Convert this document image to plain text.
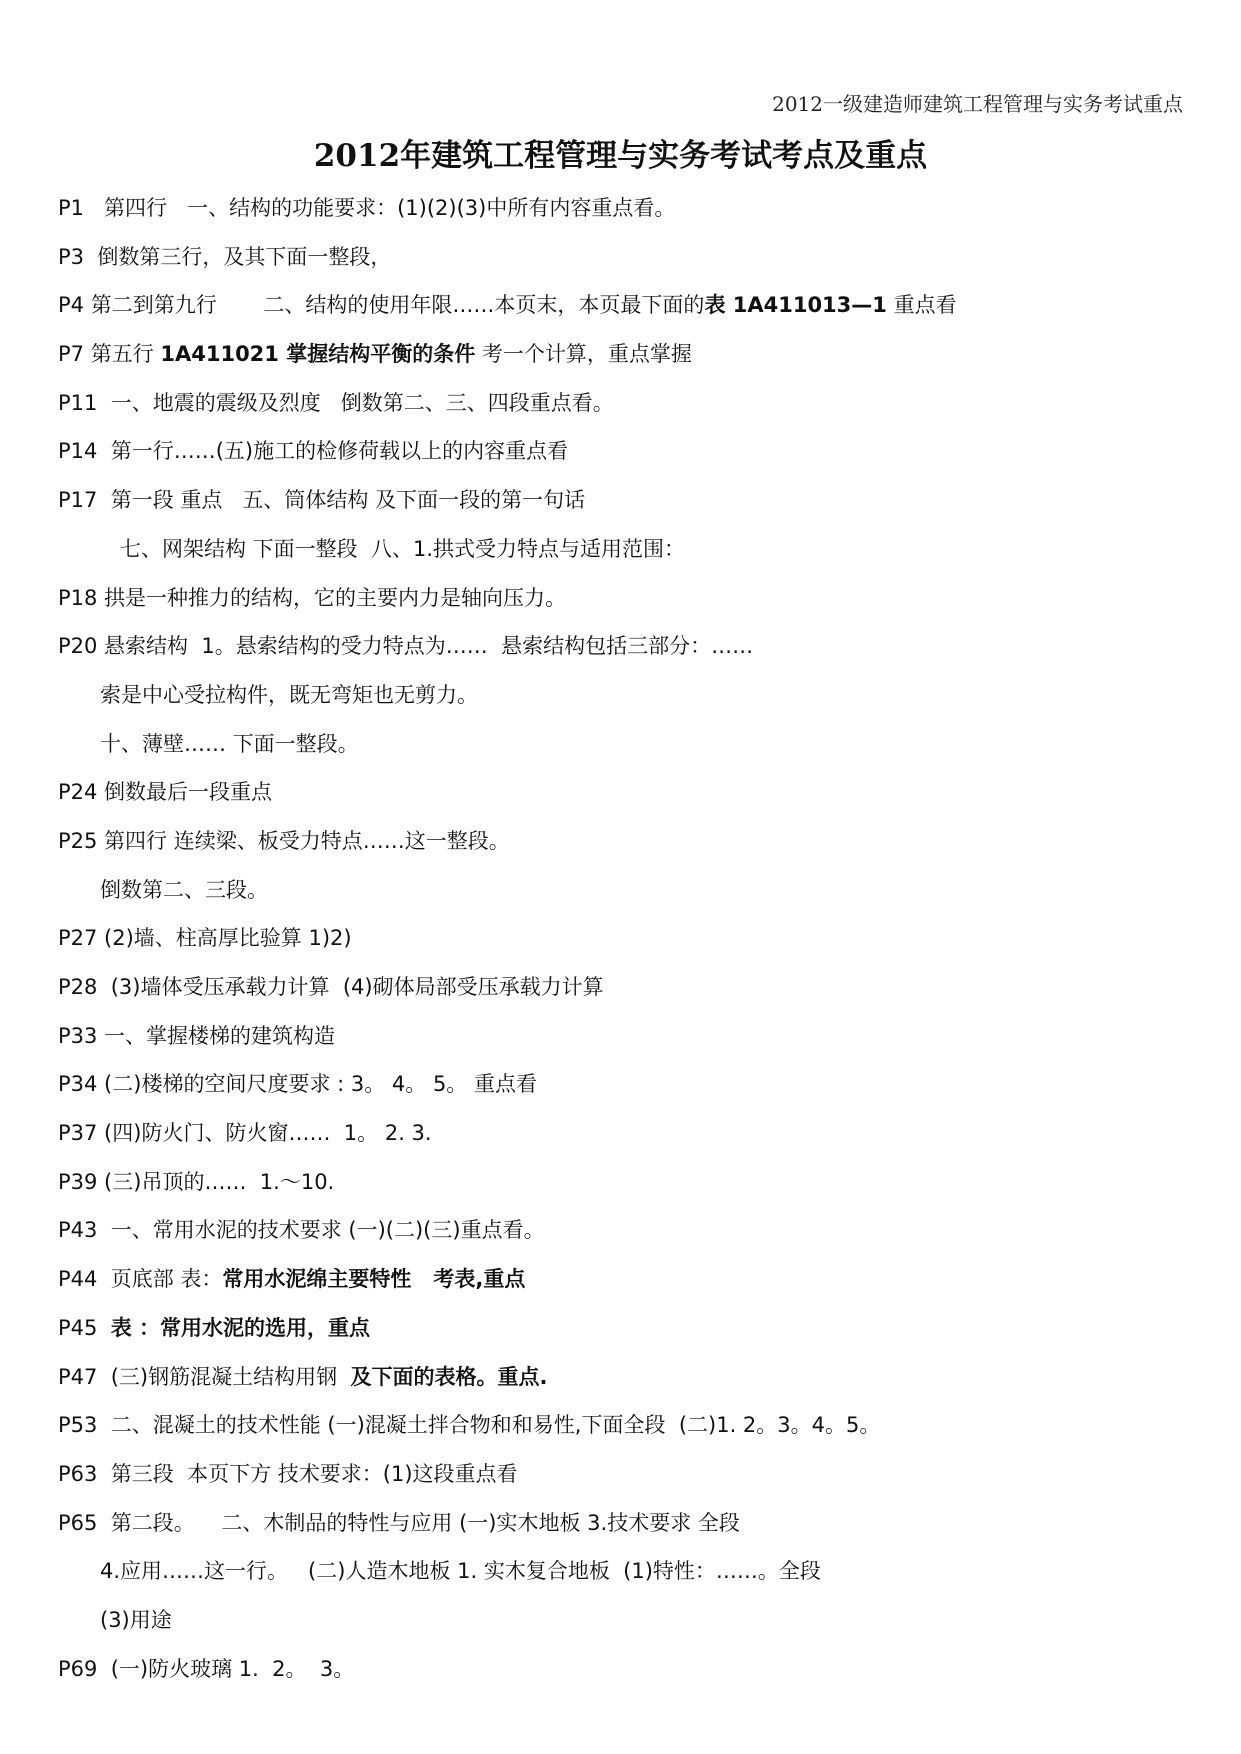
2012一级建造师建筑工程管理与实务考试重点
2012年建筑工程管理与实务考试考点及重点
P1   第四行   一、结构的功能要求：(1)(2)(3)中所有内容重点看。
P3  倒数第三行，及其下面一整段，
P4 第二到第九行       二、结构的使用年限……本页末，本页最下面的表 1A411013—1 重点看
P7 第五行 1A411021 掌握结构平衡的条件 考一个计算，重点掌握
P11  一、地震的震级及烈度   倒数第二、三、四段重点看。
P14  第一行……(五)施工的检修荷载以上的内容重点看
P17  第一段 重点   五、筒体结构 及下面一段的第一句话
七、网架结构 下面一整段  八、1.拱式受力特点与适用范围：
P18 拱是一种推力的结构，它的主要内力是轴向压力。
P20 悬索结构  1。悬索结构的受力特点为……  悬索结构包括三部分：……
索是中心受拉构件，既无弯矩也无剪力。
十、薄壁…… 下面一整段。
P24 倒数最后一段重点
P25 第四行 连续梁、板受力特点……这一整段。
倒数第二、三段。
P27 (2)墙、柱高厚比验算 1)2)
P28  (3)墙体受压承载力计算  (4)砌体局部受压承载力计算
P33 一、掌握楼梯的建筑构造
P34 (二)楼梯的空间尺度要求 : 3。 4。 5。 重点看
P37 (四)防火门、防火窗……  1。 2. 3.
P39 (三)吊顶的……  1.～10.
P43  一、常用水泥的技术要求 (一)(二)(三)重点看。
P44  页底部 表：常用水泥绵主要特性   考表,重点
P45  表 ：常用水泥的选用，重点
P47  (三)钢筋混凝土结构用钢  及下面的表格。重点.
P53  二、混凝土的技术性能 (一)混凝土拌合物和和易性,下面全段  (二)1. 2。3。4。5。
P63  第三段  本页下方 技术要求：(1)这段重点看
P65  第二段。    二、木制品的特性与应用 (一)实木地板 3.技术要求 全段
4.应用……这一行。   (二)人造木地板 1. 实木复合地板  (1)特性：……。全段
(3)用途
P69  (一)防火玻璃 1.  2。  3。
